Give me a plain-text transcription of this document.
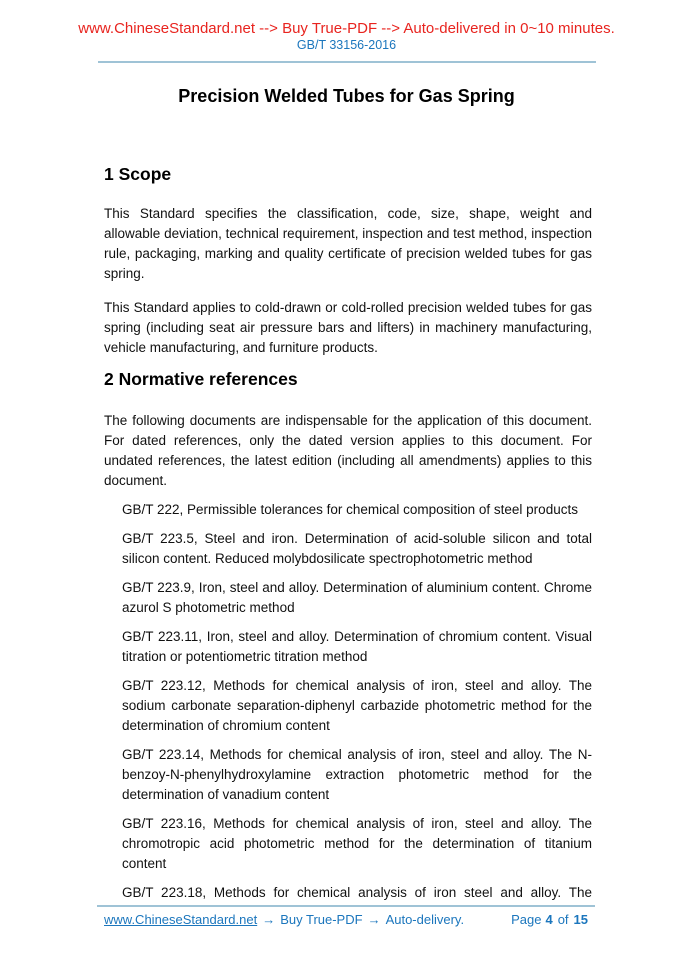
www.ChineseStandard.net --> Buy True-PDF --> Auto-delivered in 0~10 minutes.
GB/T 33156-2016
Precision Welded Tubes for Gas Spring
1 Scope

This Standard specifies the classification, code, size, shape, weight and allowable deviation, technical requirement, inspection and test method, inspection rule, packaging, marking and quality certificate of precision welded tubes for gas spring.

This Standard applies to cold-drawn or cold-rolled precision welded tubes for gas spring (including seat air pressure bars and lifters) in machinery manufacturing, vehicle manufacturing, and furniture products.

2 Normative references

The following documents are indispensable for the application of this document. For dated references, only the dated version applies to this document. For undated references, the latest edition (including all amendments) applies to this document.

GB/T 222, Permissible tolerances for chemical composition of steel products

GB/T 223.5, Steel and iron. Determination of acid-soluble silicon and total silicon content. Reduced molybdosilicate spectrophotometric method

GB/T 223.9, Iron, steel and alloy. Determination of aluminium content. Chrome azurol S photometric method

GB/T 223.11, Iron, steel and alloy. Determination of chromium content. Visual titration or potentiometric titration method

GB/T 223.12, Methods for chemical analysis of iron, steel and alloy. The sodium carbonate separation-diphenyl carbazide photometric method for the determination of chromium content

GB/T 223.14, Methods for chemical analysis of iron, steel and alloy. The N-benzoy-N-phenylhydroxylamine extraction photometric method for the determination of vanadium content

GB/T 223.16, Methods for chemical analysis of iron, steel and alloy. The chromotropic acid photometric method for the determination of titanium content

GB/T 223.18, Methods for chemical analysis of iron steel and alloy. The

www.ChineseStandard.net → Buy True-PDF → Auto-delivery.	Page 4 of 15
